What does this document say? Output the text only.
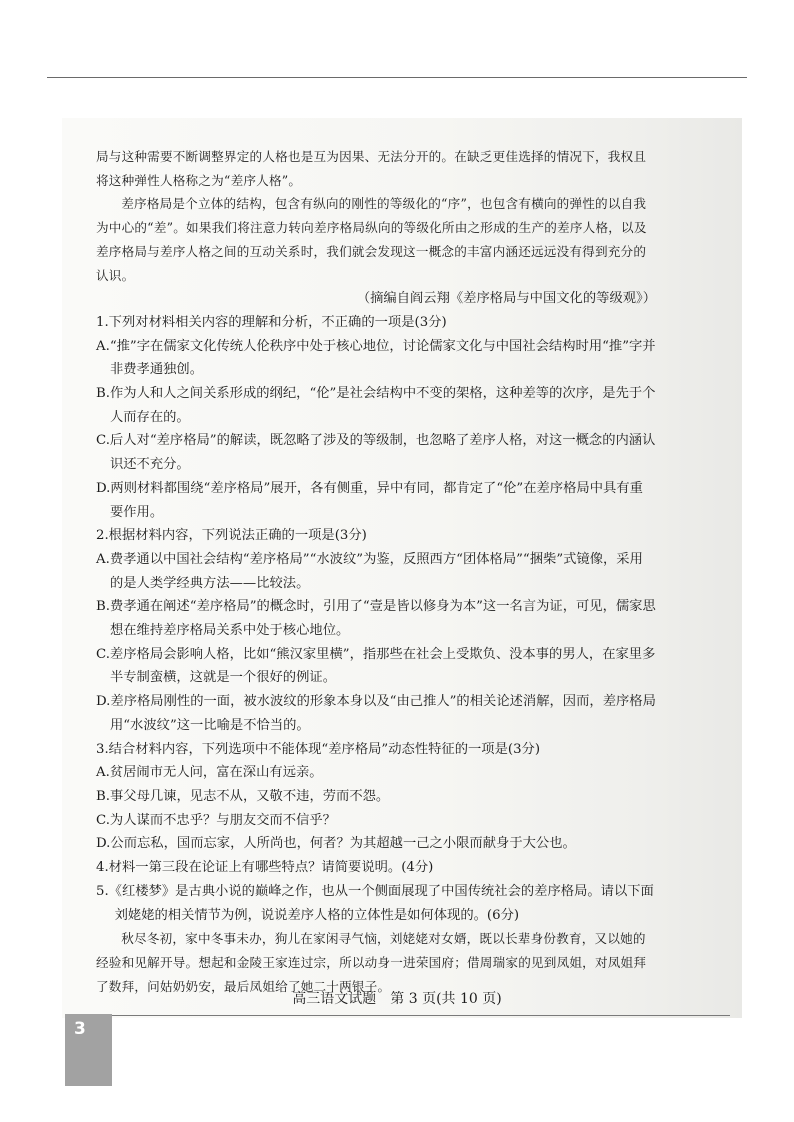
局与这种需要不断调整界定的人格也是互为因果、无法分开的。在缺乏更佳选择的情况下，我权且将这种弹性人格称之为“差序人格”。

差序格局是个立体的结构，包含有纵向的刚性的等级化的“序”，也包含有横向的弹性的以自我为中心的“差”。如果我们将注意力转向差序格局纵向的等级化所由之形成的生产的差序人格，以及差序格局与差序人格之间的互动关系时，我们就会发现这一概念的丰富内涵还远远没有得到充分的认识。

（摘编自阎云翔《差序格局与中国文化的等级观》）

1.下列对材料相关内容的理解和分析，不正确的一项是(3分)

A.“推”字在儒家文化传统人伦秩序中处于核心地位，讨论儒家文化与中国社会结构时用“推”字并非费孝通独创。

B.作为人和人之间关系形成的纲纪，“伦”是社会结构中不变的架格，这种差等的次序，是先于个人而存在的。

C.后人对“差序格局”的解读，既忽略了涉及的等级制，也忽略了差序人格，对这一概念的内涵认识还不充分。

D.两则材料都围绕“差序格局”展开，各有侧重，异中有同，都肯定了“伦”在差序格局中具有重要作用。

2.根据材料内容，下列说法正确的一项是(3分)

A.费孝通以中国社会结构“差序格局”“水波纹”为鉴，反照西方“团体格局”“捆柴”式镜像，采用的是人类学经典方法——比较法。

B.费孝通在阐述“差序格局”的概念时，引用了“壹是皆以修身为本”这一名言为证，可见，儒家思想在维持差序格局关系中处于核心地位。

C.差序格局会影响人格，比如“熊汉家里横”，指那些在社会上受欺负、没本事的男人，在家里多半专制蛮横，这就是一个很好的例证。

D.差序格局刚性的一面，被水波纹的形象本身以及“由己推人”的相关论述消解，因而，差序格局用“水波纹”这一比喻是不恰当的。

3.结合材料内容，下列选项中不能体现“差序格局”动态性特征的一项是(3分)

A.贫居闹市无人问，富在深山有远亲。

B.事父母几谏，见志不从，又敬不违，劳而不怨。

C.为人谋而不忠乎？与朋友交而不信乎？

D.公而忘私，国而忘家，人所尚也，何者？为其超越一己之小限而献身于大公也。

4.材料一第三段在论证上有哪些特点？请简要说明。(4分)

5.《红楼梦》是古典小说的巅峰之作，也从一个侧面展现了中国传统社会的差序格局。请以下面刘姥姥的相关情节为例，说说差序人格的立体性是如何体现的。(6分)

秋尽冬初，家中冬事未办，狗儿在家闲寻气恼，刘姥姥对女婿，既以长辈身份教育，又以她的经验和见解开导。想起和金陵王家连过宗，所以动身一进荣国府；借周瑞家的见到凤姐，对凤姐拜了数拜，问姑奶奶安，最后凤姐给了她二十两银子。

高三语文试题　第 3 页(共 10 页)
3
